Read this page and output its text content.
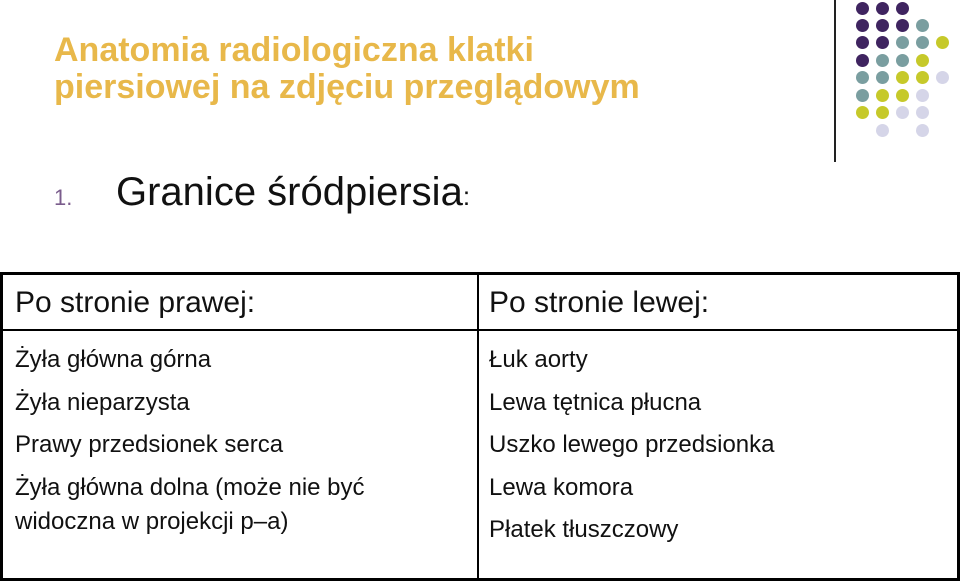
Anatomia radiologiczna klatki
piersiowej na zdjęciu przeglądowym
1. Granice śródpiersia:
Po stronie prawej:
Żyła główna górna
Żyła nieparzysta
Prawy przedsionek serca
Żyła główna dolna (może nie być widoczna w projekcji p–a)
Po stronie lewej:
Łuk aorty
Lewa tętnica płucna
Uszko lewego przedsionka
Lewa komora
Płatek tłuszczowy
